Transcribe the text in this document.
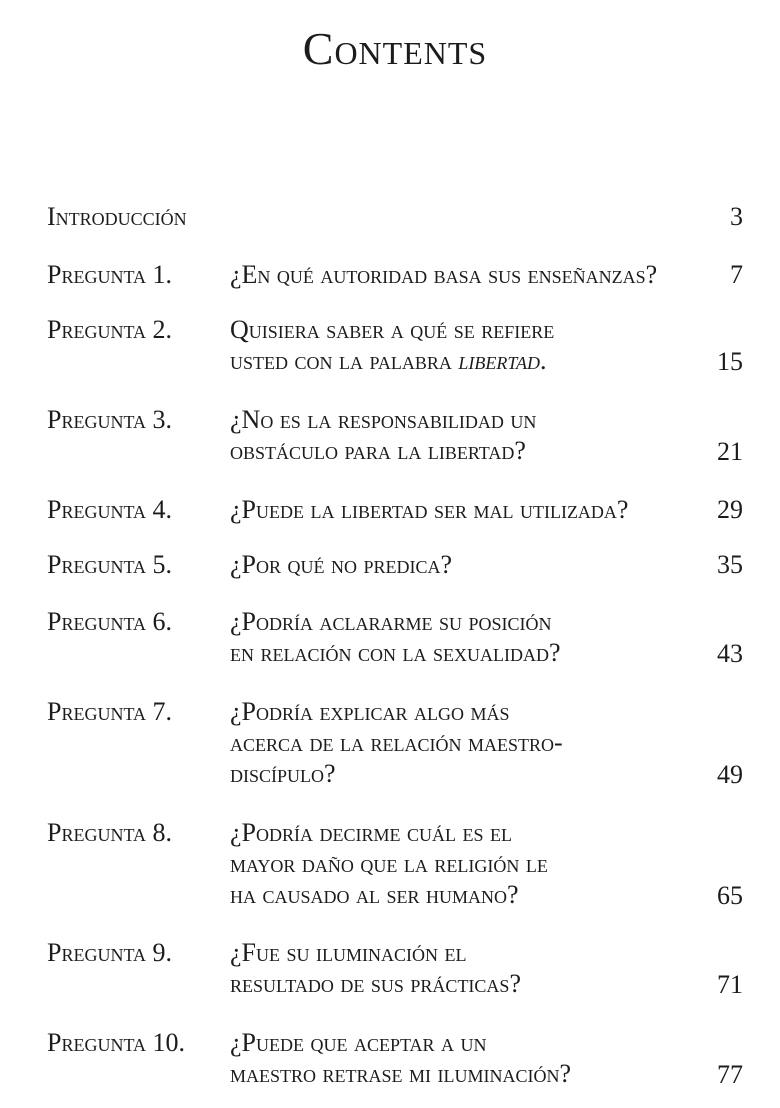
Contents
Introducción	3
Pregunta 1. ¿En qué autoridad basa sus enseñanzas?	7
Pregunta 2. Quisiera saber a qué se refiere
usted con la palabra libertad.	15
Pregunta 3. ¿No es la responsabilidad un
obstáculo para la libertad?	21
Pregunta 4. ¿Puede la libertad ser mal utilizada?	29
Pregunta 5. ¿Por qué no predica?	35
Pregunta 6. ¿Podría aclararme su posición
en relación con la sexualidad?	43
Pregunta 7. ¿Podría explicar algo más
acerca de la relación maestro-
discípulo?	49
Pregunta 8. ¿Podría decirme cuál es el
mayor daño que la religión le
ha causado al ser humano?	65
Pregunta 9. ¿Fue su iluminación el
resultado de sus prácticas?	71
Pregunta 10. ¿Puede que aceptar a un
maestro retrase mi iluminación?	77
